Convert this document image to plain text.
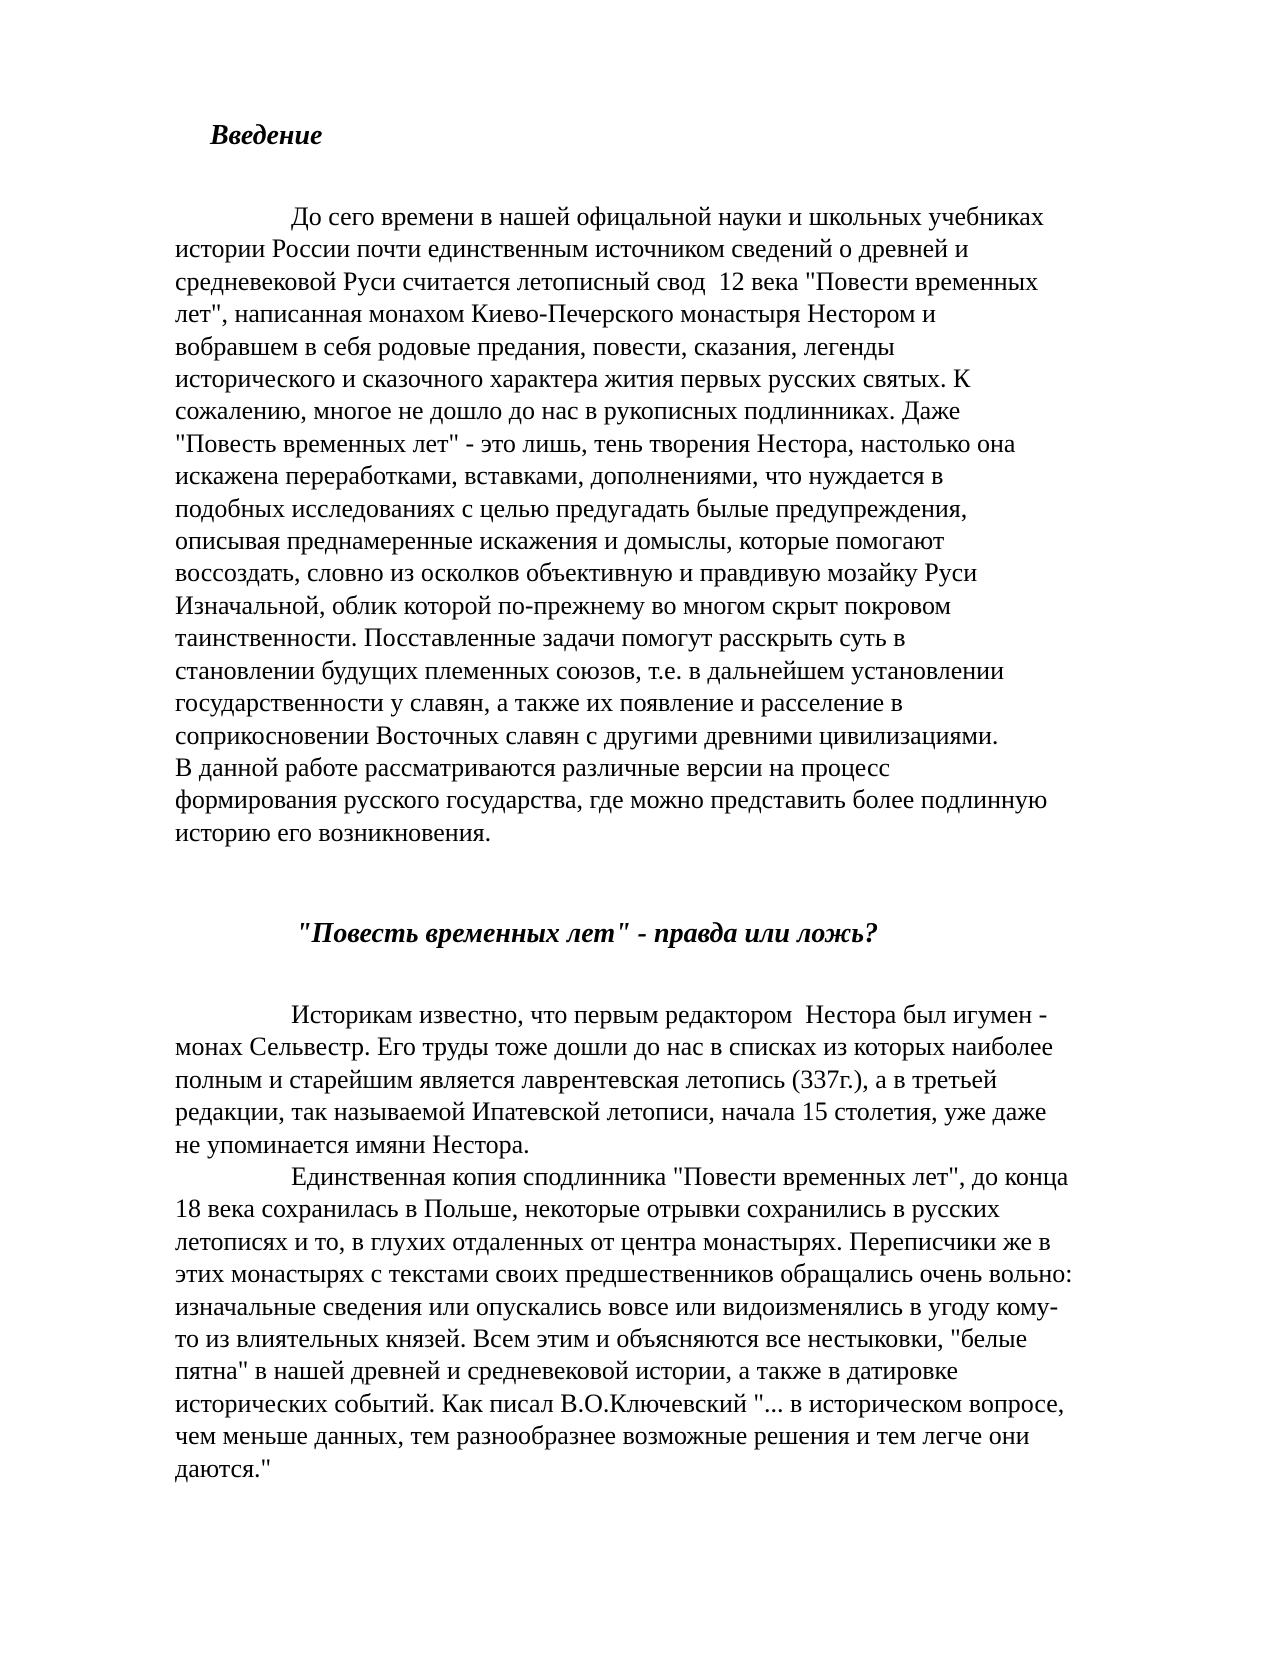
Введение
До сего времени в нашей офицальной науки и школьных учебниках
истории России почти единственным источником сведений о древней и
средневековой Руси считается летописный свод  12 века "Повести временных
лет", написанная монахом Киево-Печерского монастыря Нестором и
вобравшем в себя родовые предания, повести, сказания, легенды
исторического и сказочного характера жития первых русских святых. К
сожалению, многое не дошло до нас в рукописных подлинниках. Даже
"Повесть временных лет" - это лишь, тень творения Нестора, настолько она
искажена переработками, вставками, дополнениями, что нуждается в
подобных исследованиях с целью предугадать былые предупреждения,
описывая преднамеренные искажения и домыслы, которые помогают
воссоздать, словно из осколков объективную и правдивую мозайку Руси
Изначальной, облик которой по-прежнему во многом скрыт покровом
таинственности. Посставленные задачи помогут расскрыть суть в
становлении будущих племенных союзов, т.е. в дальнейшем установлении
государственности у славян, а также их появление и расселение в
соприкосновении Восточных славян с другими древними цивилизациями.
В данной работе рассматриваются различные версии на процесс
формирования русского государства, где можно представить более подлинную
историю его возникновения.
"Повесть временных лет" - правда или ложь?
Историкам известно, что первым редактором  Нестора был игумен -
монах Сельвестр. Его труды тоже дошли до нас в списках из которых наиболее
полным и старейшим является лаврентевская летопись (337г.), а в третьей
редакции, так называемой Ипатевской летописи, начала 15 столетия, уже даже
не упоминается имяни Нестора.
Единственная копия сподлинника "Повести временных лет", до конца
18 века сохранилась в Польше, некоторые отрывки сохранились в русских
летописях и то, в глухих отдаленных от центра монастырях. Переписчики же в
этих монастырях с текстами своих предшественников обращались очень вольно:
изначальные сведения или опускались вовсе или видоизменялись в угоду кому-
то из влиятельных князей. Всем этим и объясняются все нестыковки, "белые
пятна" в нашей древней и средневековой истории, а также в датировке
исторических событий. Как писал В.О.Ключевский "... в историческом вопросе,
чем меньше данных, тем разнообразнее возможные решения и тем легче они
даются."
